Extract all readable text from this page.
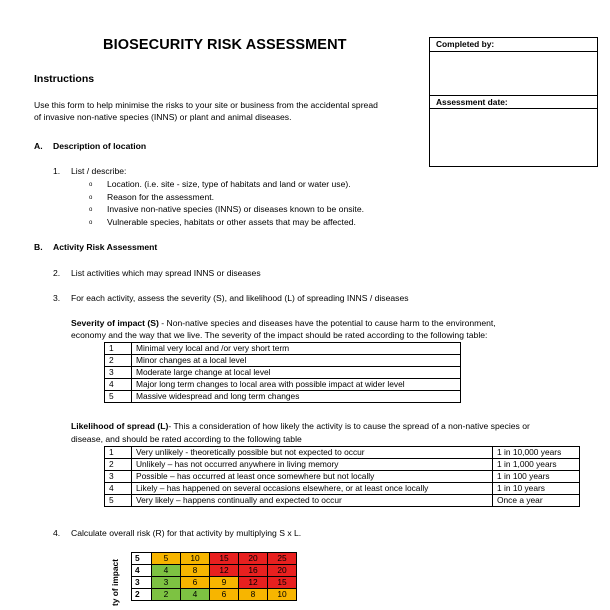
BIOSECURITY RISK ASSESSMENT	Completed by:
Assessment date:
Instructions
Use this form to help minimise the risks to your site or business from the accidental spread
of invasive non-native species (INNS) or plant and animal diseases.
A. Description of location
1. List / describe:
o Location. (i.e. site - size, type of habitats and land or water use).
o Reason for the assessment.
o Invasive non-native species (INNS) or diseases known to be onsite.
o Vulnerable species, habitats or other assets that may be affected.
B. Activity Risk Assessment
2. List activities which may spread INNS or diseases
3. For each activity, assess the severity (S), and likelihood (L) of spreading INNS / diseases
Severity of impact (S) - Non-native species and diseases have the potential to cause harm to the environment,
economy and the way that we live. The severity of the impact should be rated according to the following table:
1	Minimal very local and /or very short term
2	Minor changes at a local level
3	Moderate large change at local level
4	Major long term changes to local area with possible impact at wider level
5	Massive widespread and long term changes
Likelihood of spread (L)- This a consideration of how likely the activity is to cause the spread of a non-native species or
disease, and should be rated according to the following table
1	Very unlikely - theoretically possible but not expected to occur	1 in 10,000 years
2	Unlikely – has not occurred anywhere in living memory	1 in 1,000 years
3	Possible – has occurred at least once somewhere but not locally	1 in 100 years
4	Likely – has happened on several occasions elsewhere, or at least once locally	1 in 10 years
5	Very likely – happens continually and expected to occur	Once a year
4. Calculate overall risk (R) for that activity by multiplying S x L.
ty of impact
5	5	10	15	20	25
4	4	8	12	16	20
3	3	6	9	12	15
2	2	4	6	8	10
